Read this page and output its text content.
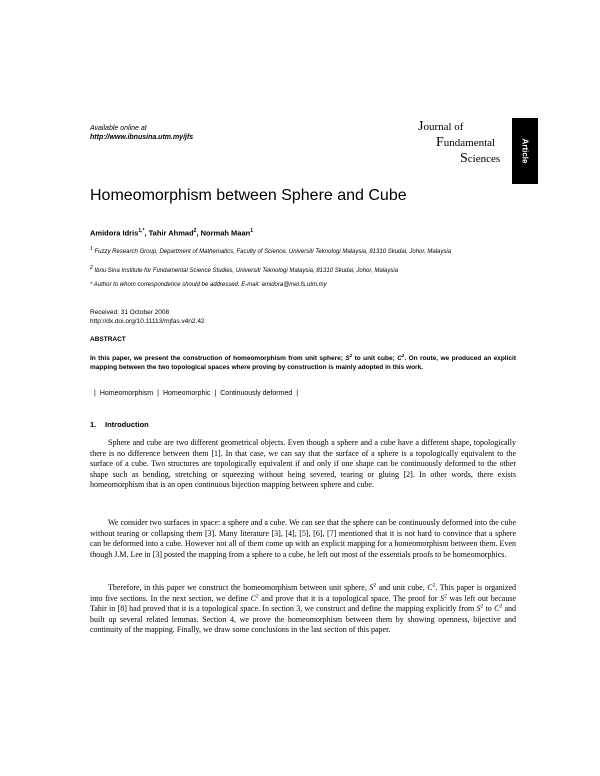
Available online at
http://www.ibnusina.utm.my/jfs
Journal of
Fundamental
Sciences	Article
Homeomorphism between Sphere and Cube
Amidora Idris$^{1,*}$, Tahir Ahmad$^2$, Normah Maan$^1$
$^1$ Fuzzy Research Group, Department of Mathematics, Faculty of Science, Universiti Teknologi Malaysia, 81310 Skudai, Johor, Malaysia
$^2$ Ibnu Sina Institute for Fundamental Science Studies, Universiti Teknologi Malaysia, 81310 Skudai, Johor, Malaysia
* Author to whom correspondence should be addressed. E-mail: amidora@mel.fs.utm.my
Received: 31 October 2008
http://dx.doi.org/10.11113/mjfas.v4n2.42
ABSTRACT
In this paper, we present the construction of homeomorphism from unit sphere; $S^2$ to unit cube; $C^2$. On route, we produced an explicit mapping between the two topological spaces where proving by construction is mainly adopted in this work.
| Homeomorphism | Homeomorphic | Continuously deformed |
1. Introduction

Sphere and cube are two different geometrical objects. Even though a sphere and a cube have a different shape, topologically there is no difference between them [1]. In that case, we can say that the surface of a sphere is a topologically equivalent to the surface of a cube. Two structures are topologically equivalent if and only if one shape can be continuously deformed to the other shape such as bending, stretching or squeezing without being severed, tearing or gluing [2]. In other words, there exists homeomorphism that is an open continuous bijection mapping between sphere and cube.

We consider two surfaces in space: a sphere and a cube. We can see that the sphere can be continuously deformed into the cube without tearing or collapsing them [3]. Many literature [3], [4], [5], [6], [7] mentioned that it is not hard to convince that a sphere can be deformed into a cube. However not all of them come up with an explicit mapping for a homeomorphism between them. Even though J.M. Lee in [3] posted the mapping from a sphere to a cube, he left out most of the essentials proofs to be homeomorphics.

Therefore, in this paper we construct the homeomorphism between unit sphere, $S^2$ and unit cube, $C^2$. This paper is organized into five sections. In the next section, we define $C^2$ and prove that it is a topological space. The proof for $S^2$ was left out because Tahir in [8] had proved that it is a topological space. In section 3, we construct and define the mapping explicitly from $S^2$ to $C^2$ and built up several related lemmas. Section 4, we prove the homeomorphism between them by showing openness, bijective and continuity of the mapping. Finally, we draw some conclusions in the last section of this paper.
